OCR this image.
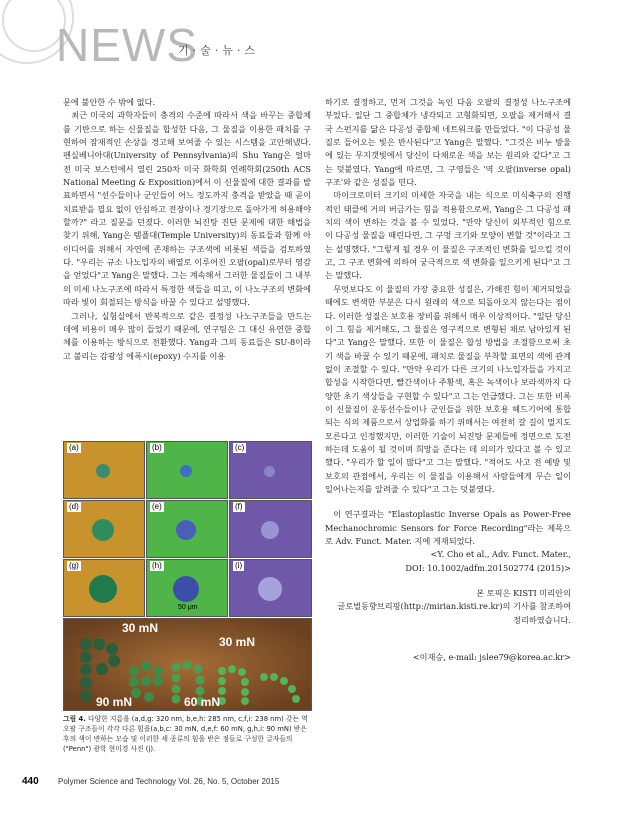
NEWS
기·술·뉴·스

문에 불안한 수 밖에 없다.

최근 미국의 과학자들이 충격의 수준에 따라서 색을 바꾸는 중합체를 기반으로 하는 신물질을 합성한 다음, 그 물질을 이용한 패치를 구현하여 잠재적인 손상을 경고해 보여줄 수 있는 시스템을 고안해냈다. 펜실베니아대(University of Pennsylvania)의 Shu Yang은 얼마 전 미국 보스턴에서 열린 250차 미국 화학회 연례학회(250th ACS National Meeting & Exposition)에서 이 신물질에 대한 결과를 발표하면서 "선수들이나 군인들이 어느 정도까지 충격을 받았을 때 곧이 치료받을 필요 없이 안심하고 전장이나 경기장으로 돌아가게 허용해야 할까?" 라고 질문을 던졌다. 이러한 뇌진탕 진단 문제에 대한 해법을 찾기 위해, Yang은 템플대(Temple University)의 동료들과 함께 아이디어를 위해서 자연에 존재하는 구조색에 비롯된 색들을 검토하였다. "우리는 규소 나노입자의 배열로 이루어진 오팔(opal)로부터 영감을 얻었다"고 Yang은 말했다. 그는 계속해서 그러한 물질들이 그 내부의 미세 나노구조에 따라서 특정한 색들을 띠고, 이 나노구조의 변화에 따라 빛이 회절되는 방식을 바꿀 수 있다고 설명했다.

그러나, 실험실에서 반복적으로 같은 결정성 나노구조들을 만드는 데에 비용이 매우 많이 들었기 때문에, 연구팀은 그 대신 유연한 중합체를 이용하는 방식으로 전환했다. Yang과 그의 동료들은 SU-8이라고 불리는 감광성 에폭시(epoxy) 수지를 이용

(a)	(b)	(c)
(d)	(e)	(f)
(g)	(h)	(i)
50 μm
30 mN
30 mN
90 mN	60 mN
그림 4. 다양한 지름을 (a,d,g: 320 nm, b,e,h: 285 nm, c,f,i: 238 nm) 갖는 역 오팔 구조들이 각각 다른 힘을(a,b,c: 30 mN, d,e,f: 60 mN, g,h,i: 90 mN) 받은 후의 색이 변하는 모습 및 이러한 세 종류의 힘을 받은 점들로 구성한 글자들의 ("Penn") 광학 현미경 사진 (j).

하기로 결정하고, 먼저 그것을 녹인 다음 오팔의 결정성 나노구조에 부었다. 일단 그 중합체가 냉각되고 고형화되면, 오팔을 제거해서 결국 스펀지를 닮은 다공성 중합체 네트워크를 만들었다. "이 다공성 물질로 들어오는 빛은 반사된다"고 Yang은 말했다. "그것은 비누 방울에 있는 무지갯빛에서 당신이 다채로운 색을 보는 원리와 같다"고 그는 덧붙였다. Yang에 따르면, 그 구영들은 '역 오팔(inverse opal) 구조'와 같은 성질을 띤다.

마이크로미터 크기의 미세한 자국을 내는 식으로 미식축구의 진행적인 태클에 거의 버금가는 힘을 적용함으로써, Yang은 그 다공성 패치의 색이 변하는 것을 볼 수 있었다. "만약 당신이 외부적인 힘으로 이 다공성 물질을 때린다면, 그 구멍 크기와 모양이 변할 것"이라고 그는 설명했다. "그렇게 될 경우 이 물질은 구조적인 변화를 일으킬 것이고, 그 구조 변화에 의하여 궁극적으로 색 변화를 일으키게 된다"고 그는 말했다.

무엇보다도 이 물질의 가장 중요한 성질은, 가해진 힘이 제거되었을 때에도 변색한 부분은 다시 원래의 색으로 되돌아오지 않는다는 점이다. 이러한 성질은 보호용 장비를 위해서 매우 이상적이다. "일단 당신이 그 힘을 제거해도, 그 물질은 영구적으로 변형된 채로 남아있게 된다"고 Yang은 말했다. 또한 이 물질은 합성 방법을 조절함으로써 초기 색을 바꿀 수 있기 때문에, 패치로 물질을 부착할 표면의 색에 관계없이 조절할 수 있다. "만약 우리가 다른 크기의 나노입자들을 가지고 합성을 시작한다면, 빨간색이나 주황색, 혹은 녹색이나 보라색까지 다양한 초기 색상들을 구현할 수 있다"고 그는 언급했다. 그는 또한 비록 이 신물질이 운동선수들이나 군인들을 위한 보호용 헤드기어에 통합되는 식의 제품으로서 상업화를 하기 위해서는 여전히 갈 길이 멀지도 모른다고 인정했지만, 이러한 기술이 뇌진탕 문제들에 정면으로 도전하는데 도움이 될 것이며 희망을 준다는 데 의의가 있다고 볼 수 있고 했다. "우리가 할 일이 많다"고 그는 말했다. "적어도 사고 전 예방 및 보호의 관점에서, 우리는 이 물질을 이용해서 사람들에게 무슨 일이 일어나는지를 알려줄 수 있다"고 그는 덧붙였다.

이 연구결과는 "Elastoplastic Inverse Opals as Power-Free Mechanochromic Sensors for Force Recording"라는 제목으로 Adv. Funct. Mater. 지에 게재되었다.

<Y. Cho et al., Adv. Funct. Mater.,

DOI: 10.1002/adfm.201502774 (2015)>

본 토픽은 KISTI 미리안의

글로벌동향브리핑(http://mirian.kisti.re.kr)의 기사를 참조하여

정리하였습니다.

<이재승, e-mail: jslee79@korea.ac.kr>

440 Polymer Science and Technology Vol. 26, No. 5, October 2015
